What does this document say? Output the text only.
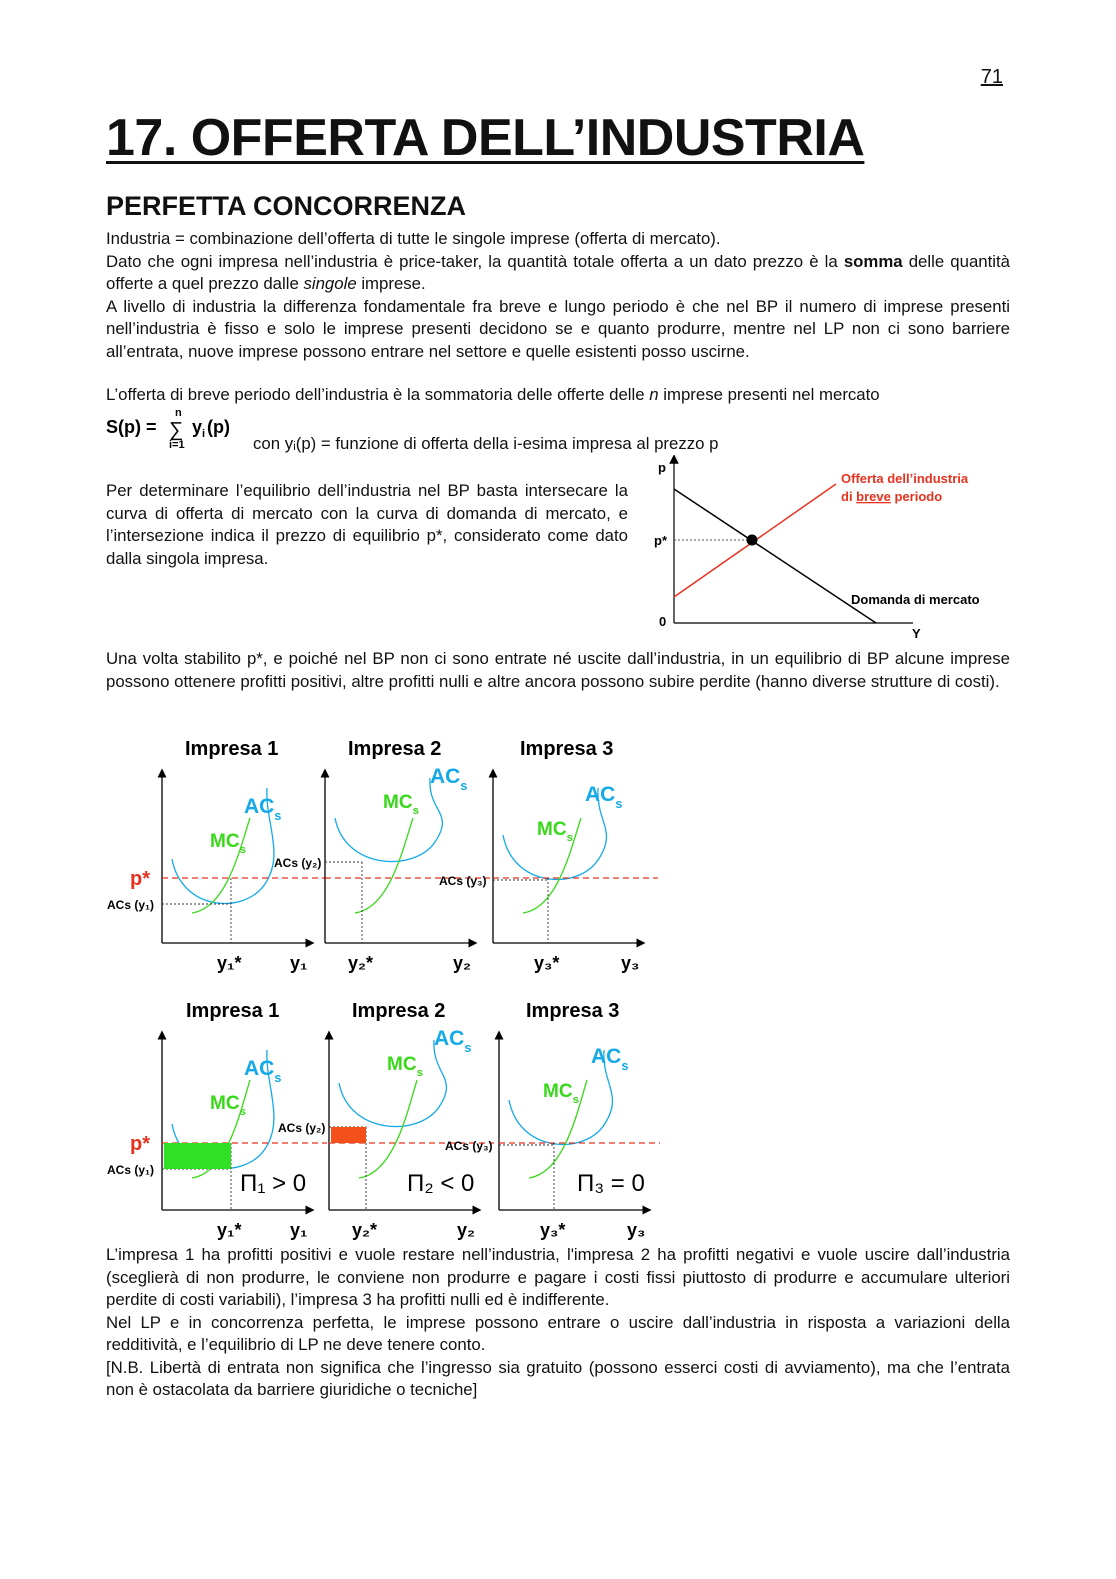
71
17. OFFERTA DELL’INDUSTRIA
PERFETTA CONCORRENZA

Industria = combinazione dell’offerta di tutte le singole imprese (offerta di mercato).

Dato che ogni impresa nell’industria è price-taker, la quantità totale offerta a un dato prezzo è la somma delle quantità offerte a quel prezzo dalle singole imprese.

A livello di industria la differenza fondamentale fra breve e lungo periodo è che nel BP il numero di imprese presenti nell’industria è fisso e solo le imprese presenti decidono se e quanto produrre, mentre nel LP non ci sono barriere all’entrata, nuove imprese possono entrare nel settore e quelle esistenti posso uscirne.

L’offerta di breve periodo dell’industria è la sommatoria delle offerte delle n imprese presenti nel mercato

S(p) =
n
∑
i=1
y i (p)
con yᵢ(p) = funzione di offerta della i-esima impresa al prezzo p

Per determinare l’equilibrio dell’industria nel BP basta intersecare la curva di offerta di mercato con la curva di domanda di mercato, e l’intersezione indica il prezzo di equilibrio p*, considerato come dato dalla singola impresa.

p
Y
0
p*
Offerta dell’industria
di breve periodo
Domanda di mercato

Una volta stabilito p*, e poiché nel BP non ci sono entrate né uscite dall’industria, in un equilibrio di BP alcune imprese possono ottenere profitti positivi, altre profitti nulli e altre ancora possono subire perdite (hanno diverse strutture di costi).

Impresa 1
p*
$AC_s$
$MC_s$
ACs (y₁)
y₁*	y₁
Impresa 2
$AC_s$
$MC_s$
ACs (y₂)
y₂*	y₂
Impresa 3
$AC_s$
$MC_s$
ACs (y₃)
y₃*	y₃
Impresa 1
Π₁ > 0
p*
$AC_s$
$MC_s$
ACs (y₁)
y₁*	y₁
Impresa 2
Π₂ < 0
$AC_s$
$MC_s$
ACs (y₂)
y₂*	y₂
Impresa 3
Π₃ = 0
$AC_s$
$MC_s$
ACs (y₃)
y₃*	y₃

L’impresa 1 ha profitti positivi e vuole restare nell’industria, l'impresa 2 ha profitti negativi e vuole uscire dall’industria (sceglierà di non produrre, le conviene non produrre e pagare i costi fissi piuttosto di produrre e accumulare ulteriori perdite di costi variabili), l’impresa 3 ha profitti nulli ed è indifferente.

Nel LP e in concorrenza perfetta, le imprese possono entrare o uscire dall’industria in risposta a variazioni della redditività, e l’equilibrio di LP ne deve tenere conto.

[N.B. Libertà di entrata non significa che l’ingresso sia gratuito (possono esserci costi di avviamento), ma che l’entrata non è ostacolata da barriere giuridiche o tecniche]
